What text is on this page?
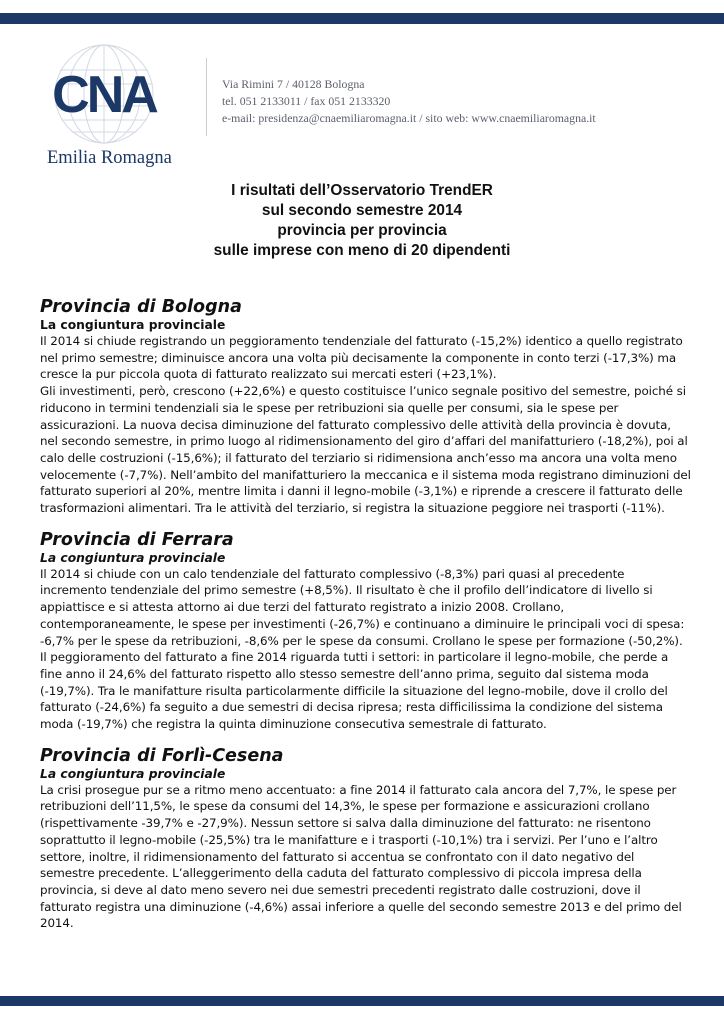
CNA
Emilia Romagna
Via Rimini 7 / 40128 Bologna
tel. 051 2133011 / fax 051 2133320
e-mail: presidenza@cnaemiliaromagna.it / sito web: www.cnaemiliaromagna.it
I risultati dell’Osservatorio TrendER
sul secondo semestre 2014
provincia per provincia
sulle imprese con meno di 20 dipendenti
Provincia di Bologna
La congiuntura provinciale

Il 2014 si chiude registrando un peggioramento tendenziale del fatturato (-15,2%) identico a quello registrato nel primo semestre; diminuisce ancora una volta più decisamente la componente in conto terzi (-17,3%) ma cresce la pur piccola quota di fatturato realizzato sui mercati esteri (+23,1%).

Gli investimenti, però, crescono (+22,6%) e questo costituisce l’unico segnale positivo del semestre, poiché si riducono in termini tendenziali sia le spese per retribuzioni sia quelle per consumi, sia le spese per assicurazioni. La nuova decisa diminuzione del fatturato complessivo delle attività della provincia è dovuta, nel secondo semestre, in primo luogo al ridimensionamento del giro d’affari del manifatturiero (-18,2%), poi al calo delle costruzioni (-15,6%); il fatturato del terziario si ridimensiona anch’esso ma ancora una volta meno velocemente (-7,7%). Nell’ambito del manifatturiero la meccanica e il sistema moda registrano diminuzioni del fatturato superiori al 20%, mentre limita i danni il legno-mobile (-3,1%) e riprende a crescere il fatturato delle trasformazioni alimentari. Tra le attività del terziario, si registra la situazione peggiore nei trasporti (-11%).

Provincia di Ferrara
La congiuntura provinciale

Il 2014 si chiude con un calo tendenziale del fatturato complessivo (-8,3%) pari quasi al precedente incremento tendenziale del primo semestre (+8,5%). Il risultato è che il profilo dell’indicatore di livello si appiattisce e si attesta attorno ai due terzi del fatturato registrato a inizio 2008. Crollano, contemporaneamente, le spese per investimenti (-26,7%) e continuano a diminuire le principali voci di spesa: -6,7% per le spese da retribuzioni, -8,6% per le spese da consumi. Crollano le spese per formazione (-50,2%). Il peggioramento del fatturato a fine 2014 riguarda tutti i settori: in particolare il legno-mobile, che perde a fine anno il 24,6% del fatturato rispetto allo stesso semestre dell’anno prima, seguito dal sistema moda (-19,7%). Tra le manifatture risulta particolarmente difficile la situazione del legno-mobile, dove il crollo del fatturato (-24,6%) fa seguito a due semestri di decisa ripresa; resta difficilissima la condizione del sistema moda (-19,7%) che registra la quinta diminuzione consecutiva semestrale di fatturato.

Provincia di Forlì-Cesena
La congiuntura provinciale

La crisi prosegue pur se a ritmo meno accentuato: a fine 2014 il fatturato cala ancora del 7,7%, le spese per retribuzioni dell’11,5%, le spese da consumi del 14,3%, le spese per formazione e assicurazioni crollano (rispettivamente -39,7% e -27,9%). Nessun settore si salva dalla diminuzione del fatturato: ne risentono soprattutto il legno-mobile (-25,5%) tra le manifatture e i trasporti (-10,1%) tra i servizi. Per l’uno e l’altro settore, inoltre, il ridimensionamento del fatturato si accentua se confrontato con il dato negativo del semestre precedente. L’alleggerimento della caduta del fatturato complessivo di piccola impresa della provincia, si deve al dato meno severo nei due semestri precedenti registrato dalle costruzioni, dove il fatturato registra una diminuzione (-4,6%) assai inferiore a quelle del secondo semestre 2013 e del primo del 2014.
